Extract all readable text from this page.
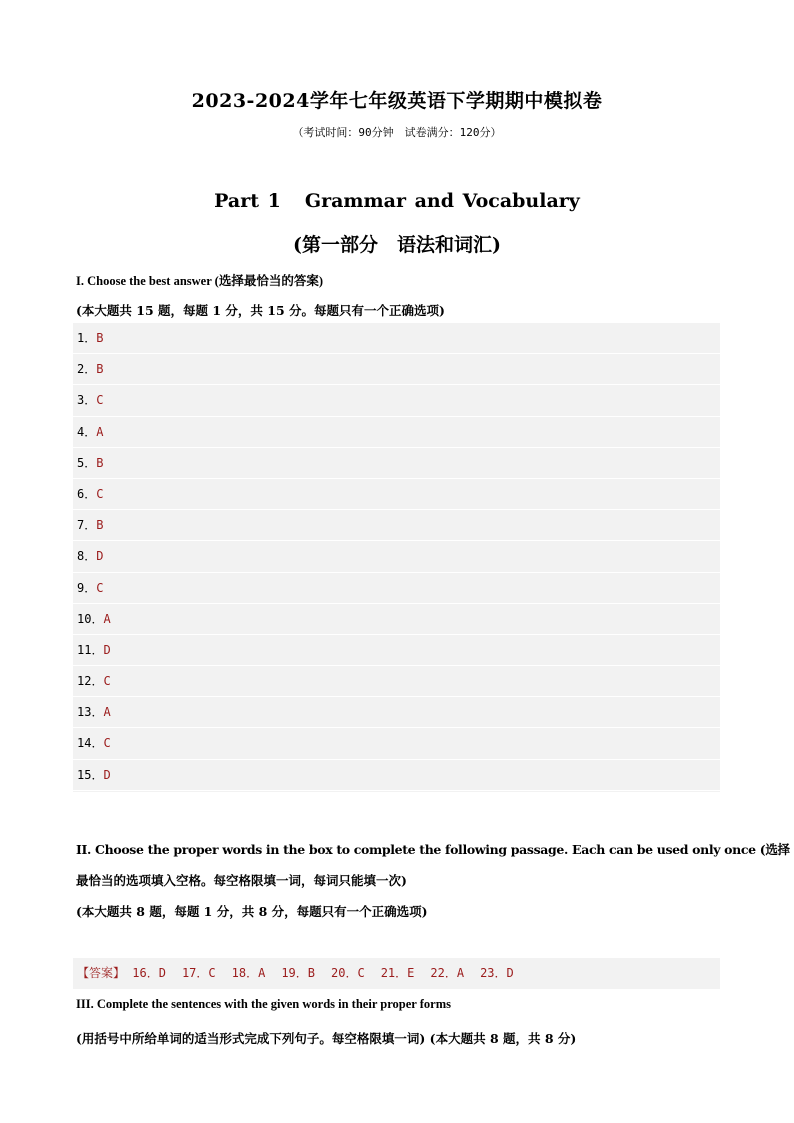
2023-2024学年七年级英语下学期期中模拟卷
（考试时间：90分钟　试卷满分：120分）
Part 1 Grammar and Vocabulary
(第一部分　语法和词汇)
I. Choose the best answer (选择最恰当的答案)
(本大题共 15 题，每题 1 分，共 15 分。每题只有一个正确选项)
1．B
2．B
3．C
4．A
5．B
6．C
7．B
8．D
9．C
10．A
11．D
12．C
13．A
14．C
15．D
II. Choose the proper words in the box to complete the following passage. Each can be used only once (选择
最恰当的选项填入空格。每空格限填一词，每词只能填一次)
(本大题共 8 题，每题 1 分，共 8 分，每题只有一个正确选项)
【答案】 16．D 17．C 18．A 19．B 20．C 21．E 22．A 23．D
III. Complete the sentences with the given words in their proper forms
(用括号中所给单词的适当形式完成下列句子。每空格限填一词) (本大题共 8 题，共 8 分)
